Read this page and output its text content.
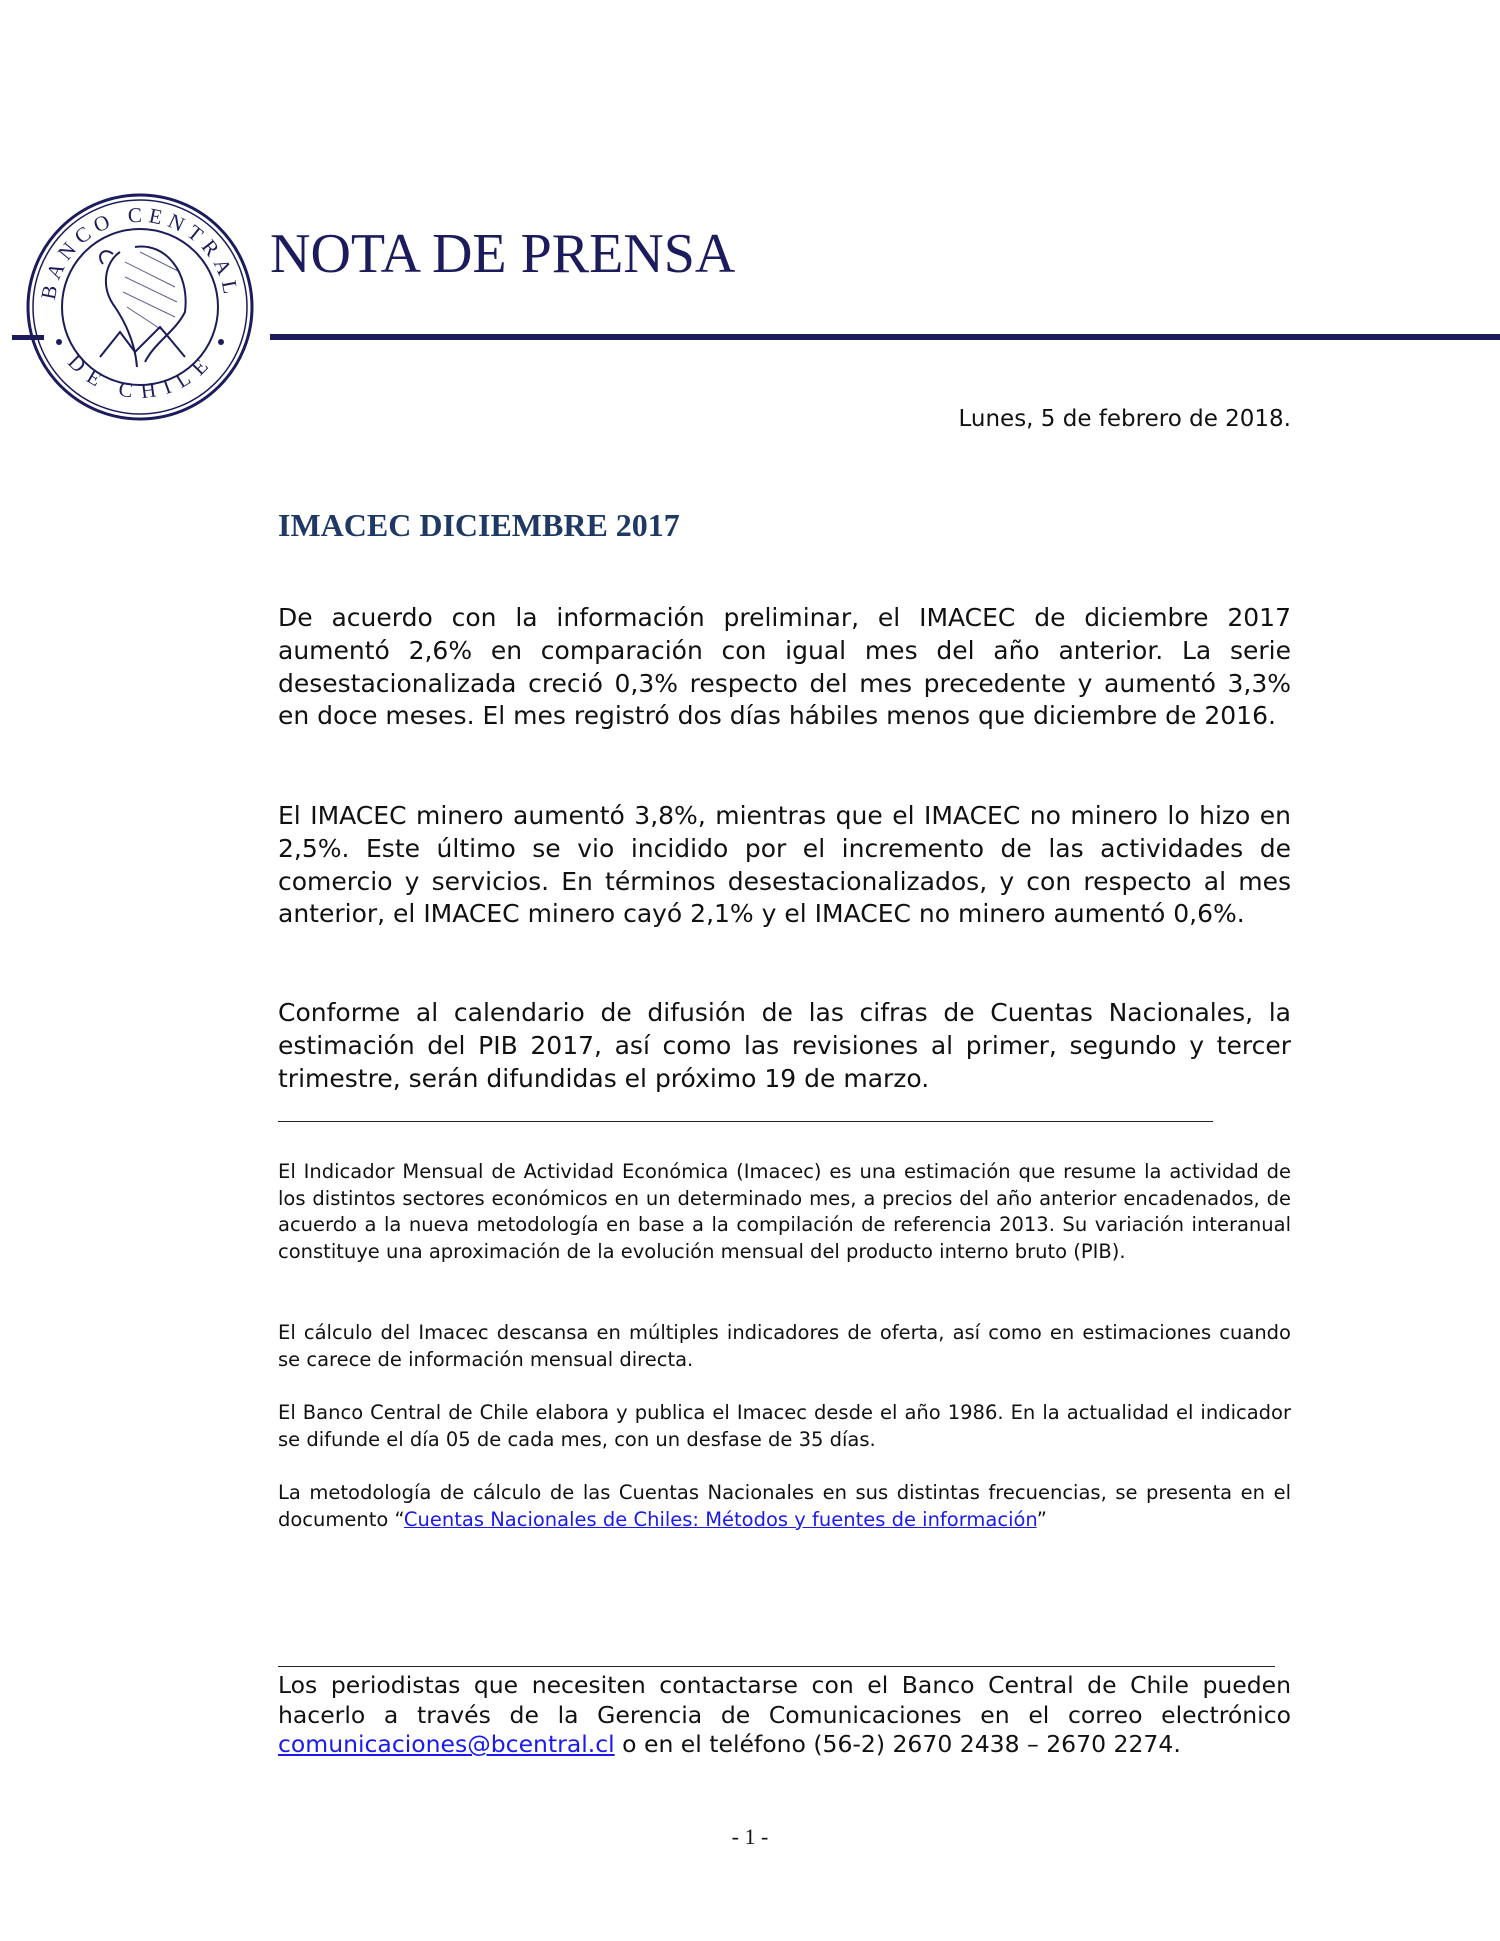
BANCO CENTRAL
DE CHILE
NOTA DE PRENSA
Lunes, 5 de febrero de 2018.
IMACEC DICIEMBRE 2017

De acuerdo con la información preliminar, el IMACEC de diciembre 2017 aumentó 2,6% en comparación con igual mes del año anterior. La serie desestacionalizada creció 0,3% respecto del mes precedente y aumentó 3,3% en doce meses. El mes registró dos días hábiles menos que diciembre de 2016.

El IMACEC minero aumentó 3,8%, mientras que el IMACEC no minero lo hizo en 2,5%. Este último se vio incidido por el incremento de las actividades de comercio y servicios. En términos desestacionalizados, y con respecto al mes anterior, el IMACEC minero cayó 2,1% y el IMACEC no minero aumentó 0,6%.

Conforme al calendario de difusión de las cifras de Cuentas Nacionales, la estimación del PIB 2017, así como las revisiones al primer, segundo y tercer trimestre, serán difundidas el próximo 19 de marzo.

El Indicador Mensual de Actividad Económica (Imacec) es una estimación que resume la actividad de los distintos sectores económicos en un determinado mes, a precios del año anterior encadenados, de acuerdo a la nueva metodología en base a la compilación de referencia 2013. Su variación interanual constituye una aproximación de la evolución mensual del producto interno bruto (PIB).

El cálculo del Imacec descansa en múltiples indicadores de oferta, así como en estimaciones cuando se carece de información mensual directa.

El Banco Central de Chile elabora y publica el Imacec desde el año 1986. En la actualidad el indicador se difunde el día 05 de cada mes, con un desfase de 35 días.

La metodología de cálculo de las Cuentas Nacionales en sus distintas frecuencias, se presenta en el documento “Cuentas Nacionales de Chiles: Métodos y fuentes de información”

Los periodistas que necesiten contactarse con el Banco Central de Chile pueden hacerlo a través de la Gerencia de Comunicaciones en el correo electrónico comunicaciones@bcentral.cl o en el teléfono (56-2) 2670 2438 – 2670 2274.

- 1 -
